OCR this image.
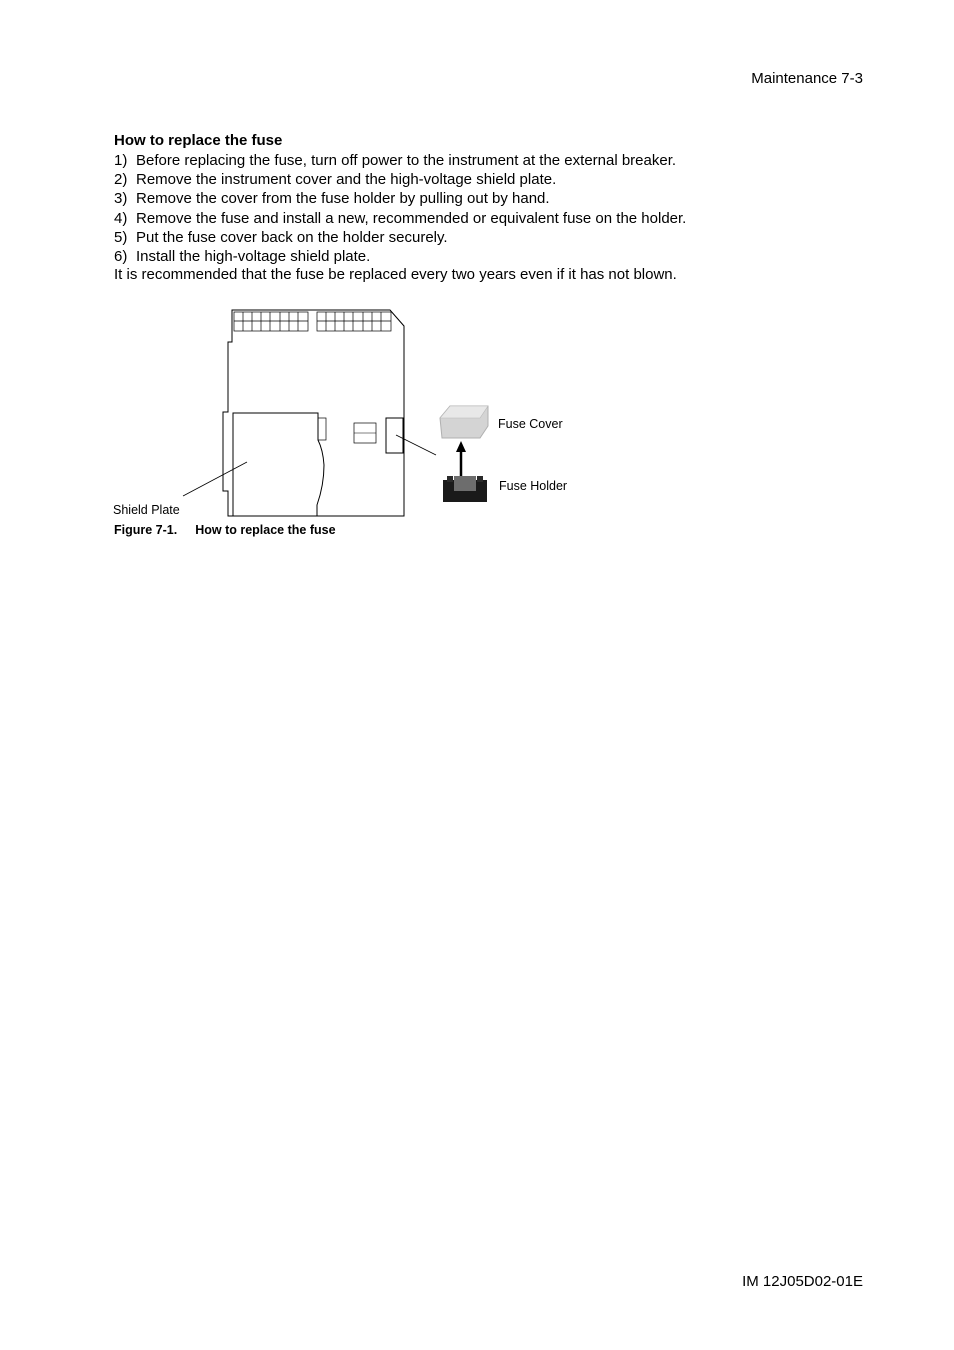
Maintenance 7-3
How to replace the fuse
1) Before replacing the fuse, turn off power to the instrument at the external breaker.
2) Remove the instrument cover and the high-voltage shield plate.
3) Remove the cover from the fuse holder by pulling out by hand.
4) Remove the fuse and install a new, recommended or equivalent fuse on the holder.
5) Put the fuse cover back on the holder securely.
6) Install the high-voltage shield plate.
It is recommended that the fuse be replaced every two years even if it has not blown.
Fuse Cover
Fuse Holder
Shield Plate
Figure 7-1. How to replace the fuse
IM 12J05D02-01E
